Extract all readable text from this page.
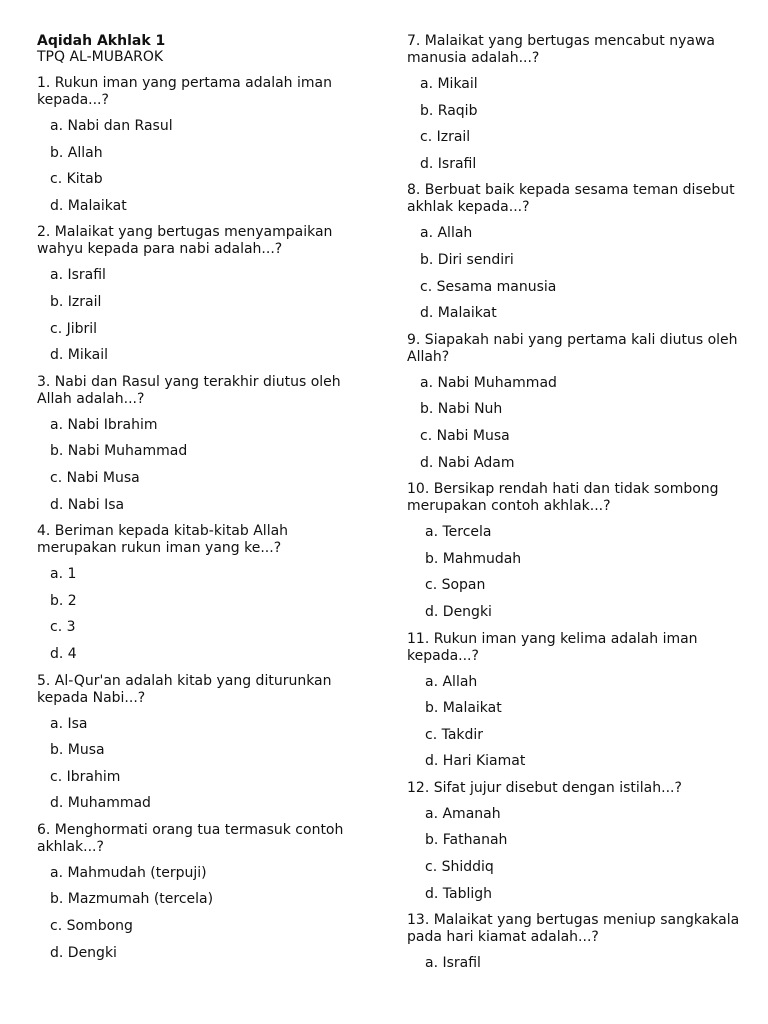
Aqidah Akhlak 1
TPQ AL-MUBAROK
1. Rukun iman yang pertama adalah iman kepada...?
a. Nabi dan Rasul
b. Allah
c. Kitab
d. Malaikat
2. Malaikat yang bertugas menyampaikan wahyu kepada para nabi adalah...?
a. Israfil
b. Izrail
c. Jibril
d. Mikail
3. Nabi dan Rasul yang terakhir diutus oleh Allah adalah...?
a. Nabi Ibrahim
b. Nabi Muhammad
c. Nabi Musa
d. Nabi Isa
4. Beriman kepada kitab-kitab Allah merupakan rukun iman yang ke...?
a. 1
b. 2
c. 3
d. 4
5. Al-Qur'an adalah kitab yang diturunkan kepada Nabi...?
a. Isa
b. Musa
c. Ibrahim
d. Muhammad
6. Menghormati orang tua termasuk contoh akhlak...?
a. Mahmudah (terpuji)
b. Mazmumah (tercela)
c. Sombong
d. Dengki
7. Malaikat yang bertugas mencabut nyawa manusia adalah...?
a. Mikail
b. Raqib
c. Izrail
d. Israfil
8. Berbuat baik kepada sesama teman disebut akhlak kepada...?
a. Allah
b. Diri sendiri
c. Sesama manusia
d. Malaikat
9. Siapakah nabi yang pertama kali diutus oleh Allah?
a. Nabi Muhammad
b. Nabi Nuh
c. Nabi Musa
d. Nabi Adam
10. Bersikap rendah hati dan tidak sombong merupakan contoh akhlak...?
a. Tercela
b. Mahmudah
c. Sopan
d. Dengki
11. Rukun iman yang kelima adalah iman kepada...?
a. Allah
b. Malaikat
c. Takdir
d. Hari Kiamat
12. Sifat jujur disebut dengan istilah...?
a. Amanah
b. Fathanah
c. Shiddiq
d. Tabligh
13. Malaikat yang bertugas meniup sangkakala pada hari kiamat adalah...?
a. Israfil
